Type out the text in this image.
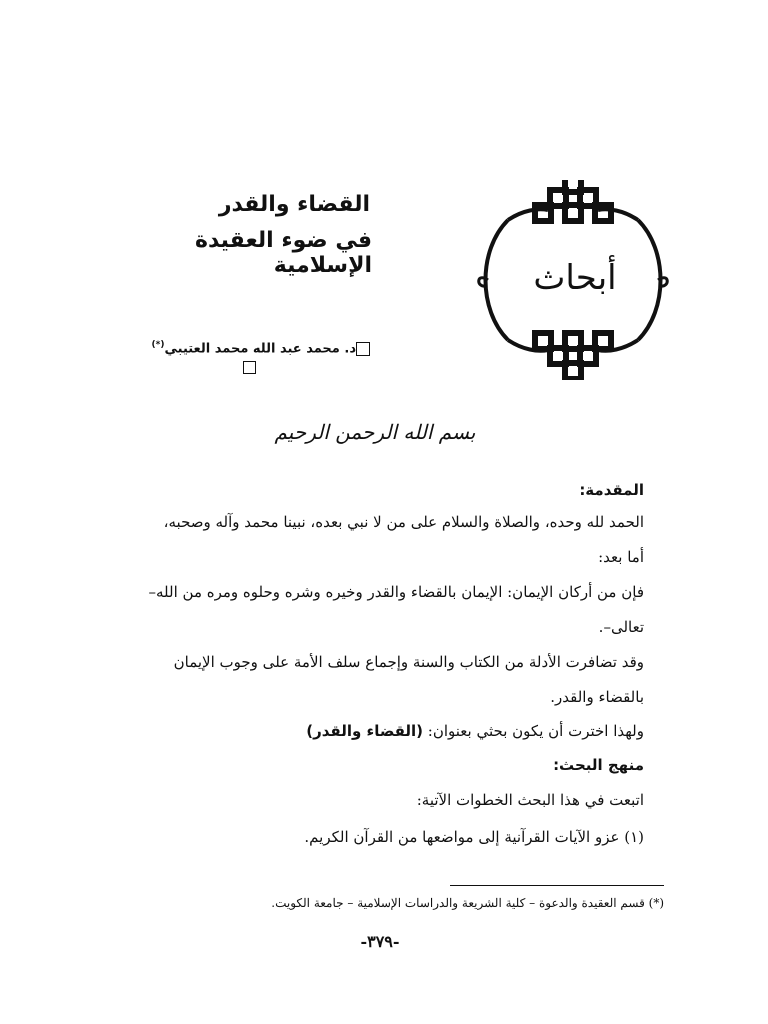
القضاء والقدر
في ضوء العقيدة الإسلامية
د. محمد عبد الله محمد العتيبي(*)
أبحاث
بسم الله الرحمن الرحيم
المقدمة:
الحمد لله وحده، والصلاة والسلام على من لا نبي بعده، نبينا محمد وآله وصحبه،
أما بعد:
فإن من أركان الإيمان: الإيمان بالقضاء والقدر وخيره وشره وحلوه ومره من الله–
تعالى–.
وقد تضافرت الأدلة من الكتاب والسنة وإجماع سلف الأمة على وجوب الإيمان
بالقضاء والقدر.
ولهذا اخترت أن يكون بحثي بعنوان: (القضاء والقدر)
منهج البحث:
اتبعت في هذا البحث الخطوات الآتية:
(١) عزو الآيات القرآنية إلى مواضعها من القرآن الكريم.
(*) قسم العقيدة والدعوة – كلية الشريعة والدراسات الإسلامية – جامعة الكويت.
-٣٧٩-
